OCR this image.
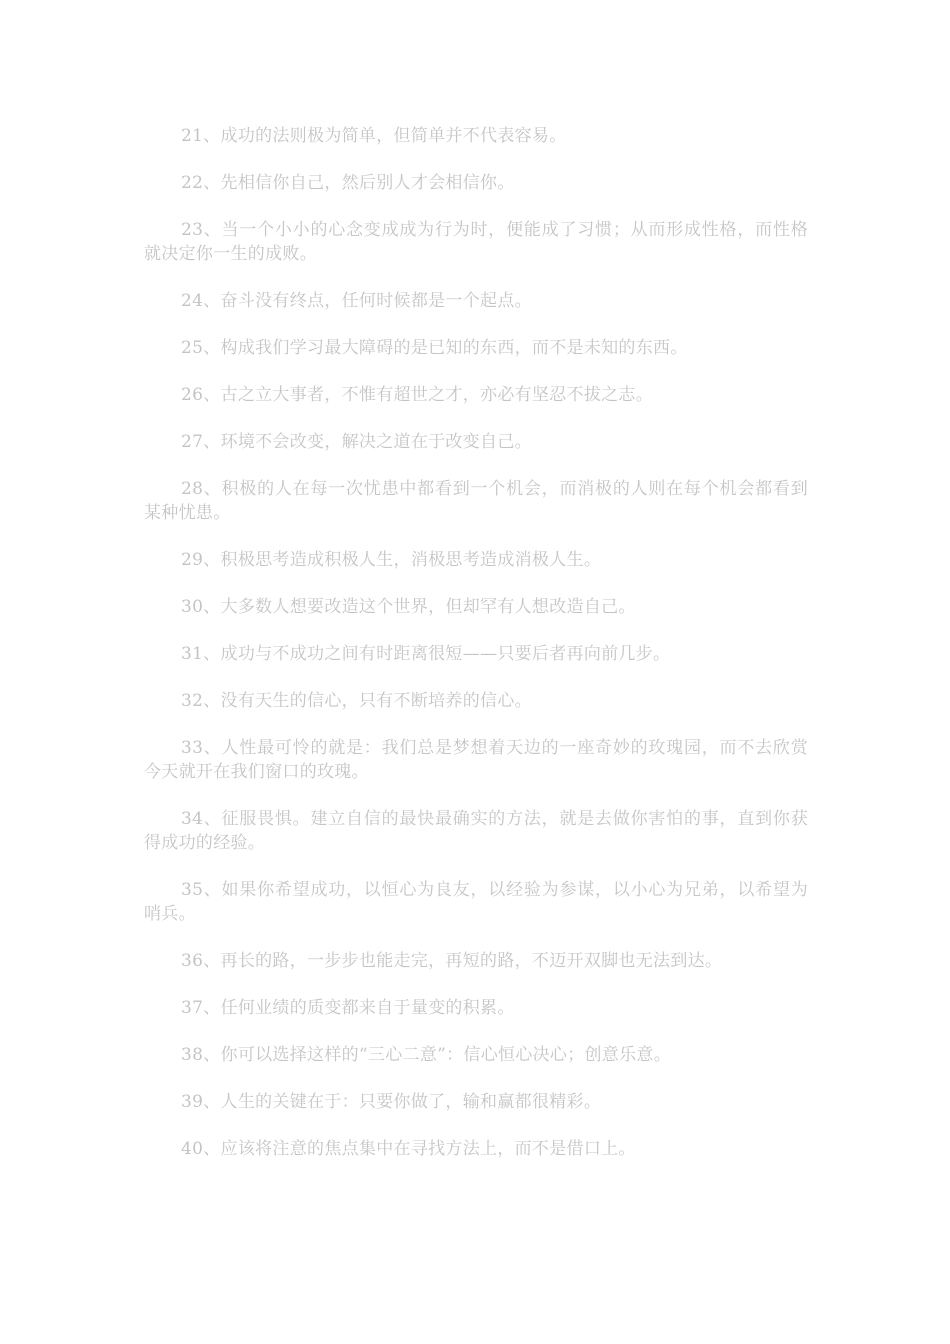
21、成功的法则极为简单，但简单并不代表容易。

22、先相信你自己，然后别人才会相信你。

23、当一个小小的心念变成成为行为时，便能成了习惯；从而形成性格，而性格就决定你一生的成败。

24、奋斗没有终点，任何时候都是一个起点。

25、构成我们学习最大障碍的是已知的东西，而不是未知的东西。

26、古之立大事者，不惟有超世之才，亦必有坚忍不拔之志。

27、环境不会改变，解决之道在于改变自己。

28、积极的人在每一次忧患中都看到一个机会，而消极的人则在每个机会都看到某种忧患。

29、积极思考造成积极人生，消极思考造成消极人生。

30、大多数人想要改造这个世界，但却罕有人想改造自己。

31、成功与不成功之间有时距离很短——只要后者再向前几步。

32、没有天生的信心，只有不断培养的信心。

33、人性最可怜的就是：我们总是梦想着天边的一座奇妙的玫瑰园，而不去欣赏今天就开在我们窗口的玫瑰。

34、征服畏惧。建立自信的最快最确实的方法，就是去做你害怕的事，直到你获得成功的经验。

35、如果你希望成功，以恒心为良友，以经验为参谋，以小心为兄弟，以希望为哨兵。

36、再长的路，一步步也能走完，再短的路，不迈开双脚也无法到达。

37、任何业绩的质变都来自于量变的积累。

38、你可以选择这样的“三心二意”：信心恒心决心；创意乐意。

39、人生的关键在于：只要你做了，输和赢都很精彩。

40、应该将注意的焦点集中在寻找方法上，而不是借口上。
